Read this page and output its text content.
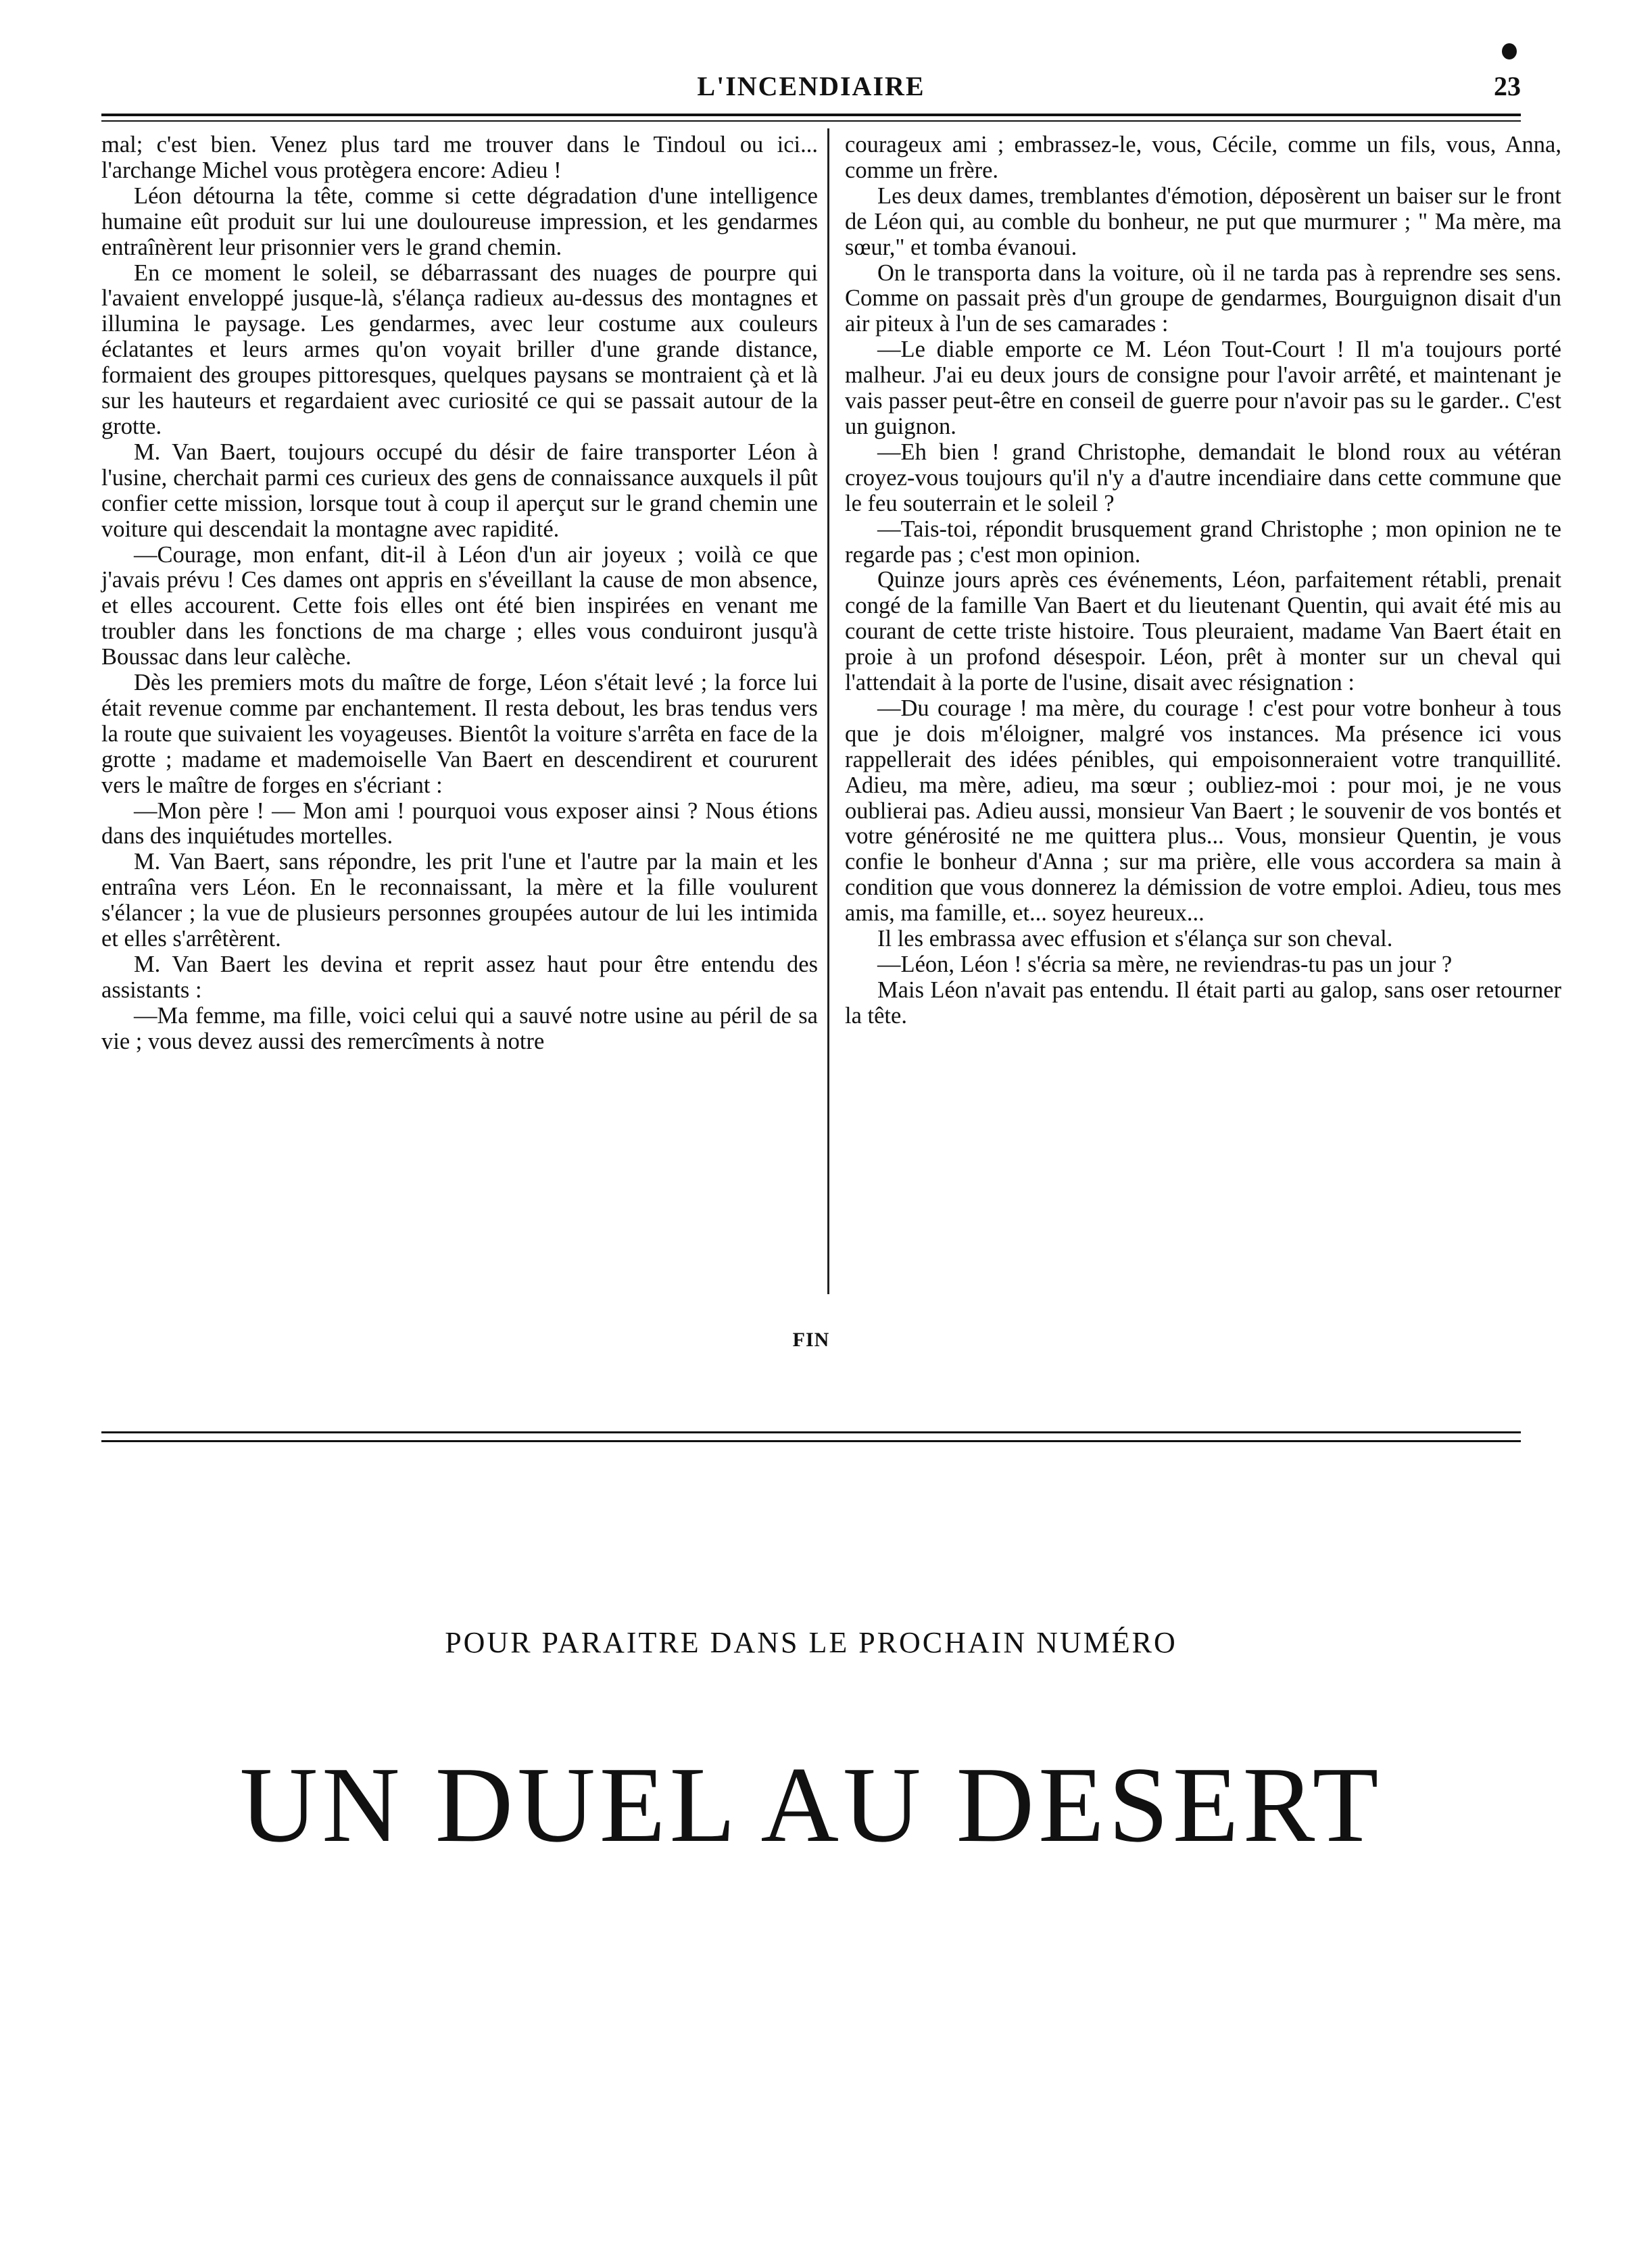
L'INCENDIAIRE	23

mal; c'est bien. Venez plus tard me trouver dans le Tindoul ou ici... l'archange Michel vous protègera encore: Adieu !

Léon détourna la tête, comme si cette dégradation d'une intelligence humaine eût produit sur lui une douloureuse impression, et les gendarmes entraînèrent leur prisonnier vers le grand chemin.

En ce moment le soleil, se débarrassant des nuages de pourpre qui l'avaient enveloppé jusque-là, s'élança radieux au-dessus des montagnes et illumina le paysage. Les gendarmes, avec leur costume aux couleurs éclatantes et leurs armes qu'on voyait briller d'une grande distance, formaient des groupes pittoresques, quelques paysans se montraient çà et là sur les hauteurs et regardaient avec curiosité ce qui se passait autour de la grotte.

M. Van Baert, toujours occupé du désir de faire transporter Léon à l'usine, cherchait parmi ces curieux des gens de connaissance auxquels il pût confier cette mission, lorsque tout à coup il aperçut sur le grand chemin une voiture qui descendait la montagne avec rapidité.

—Courage, mon enfant, dit-il à Léon d'un air joyeux ; voilà ce que j'avais prévu ! Ces dames ont appris en s'éveillant la cause de mon absence, et elles accourent. Cette fois elles ont été bien inspirées en venant me troubler dans les fonctions de ma charge ; elles vous conduiront jusqu'à Boussac dans leur calèche.

Dès les premiers mots du maître de forge, Léon s'était levé ; la force lui était revenue comme par enchantement. Il resta debout, les bras tendus vers la route que suivaient les voyageuses. Bientôt la voiture s'arrêta en face de la grotte ; madame et mademoiselle Van Baert en descendirent et coururent vers le maître de forges en s'écriant :

—Mon père ! — Mon ami ! pourquoi vous exposer ainsi ? Nous étions dans des inquiétudes mortelles.

M. Van Baert, sans répondre, les prit l'une et l'autre par la main et les entraîna vers Léon. En le reconnaissant, la mère et la fille voulurent s'élancer ; la vue de plusieurs personnes groupées autour de lui les intimida et elles s'arrêtèrent.

M. Van Baert les devina et reprit assez haut pour être entendu des assistants :

—Ma femme, ma fille, voici celui qui a sauvé notre usine au péril de sa vie ; vous devez aussi des remercîments à notre

courageux ami ; embrassez-le, vous, Cécile, comme un fils, vous, Anna, comme un frère.

Les deux dames, tremblantes d'émotion, déposèrent un baiser sur le front de Léon qui, au comble du bonheur, ne put que murmurer ; " Ma mère, ma sœur," et tomba évanoui.

On le transporta dans la voiture, où il ne tarda pas à reprendre ses sens. Comme on passait près d'un groupe de gendarmes, Bourguignon disait d'un air piteux à l'un de ses camarades :

—Le diable emporte ce M. Léon Tout-Court ! Il m'a toujours porté malheur. J'ai eu deux jours de consigne pour l'avoir arrêté, et maintenant je vais passer peut-être en conseil de guerre pour n'avoir pas su le garder.. C'est un guignon.

—Eh bien ! grand Christophe, demandait le blond roux au vétéran croyez-vous toujours qu'il n'y a d'autre incendiaire dans cette commune que le feu souterrain et le soleil ?

—Tais-toi, répondit brusquement grand Christophe ; mon opinion ne te regarde pas ; c'est mon opinion.

Quinze jours après ces événements, Léon, parfaitement rétabli, prenait congé de la famille Van Baert et du lieutenant Quentin, qui avait été mis au courant de cette triste histoire. Tous pleuraient, madame Van Baert était en proie à un profond désespoir. Léon, prêt à monter sur un cheval qui l'attendait à la porte de l'usine, disait avec résignation :

—Du courage ! ma mère, du courage ! c'est pour votre bonheur à tous que je dois m'éloigner, malgré vos instances. Ma présence ici vous rappellerait des idées pénibles, qui empoisonneraient votre tranquillité. Adieu, ma mère, adieu, ma sœur ; oubliez-moi : pour moi, je ne vous oublierai pas. Adieu aussi, monsieur Van Baert ; le souvenir de vos bontés et votre générosité ne me quittera plus... Vous, monsieur Quentin, je vous confie le bonheur d'Anna ; sur ma prière, elle vous accordera sa main à condition que vous donnerez la démission de votre emploi. Adieu, tous mes amis, ma famille, et... soyez heureux...

Il les embrassa avec effusion et s'élança sur son cheval.

—Léon, Léon ! s'écria sa mère, ne reviendras-tu pas un jour ?

Mais Léon n'avait pas entendu. Il était parti au galop, sans oser retourner la tête.

FIN
POUR PARAITRE DANS LE PROCHAIN NUMÉRO
UN DUEL AU DESERT
